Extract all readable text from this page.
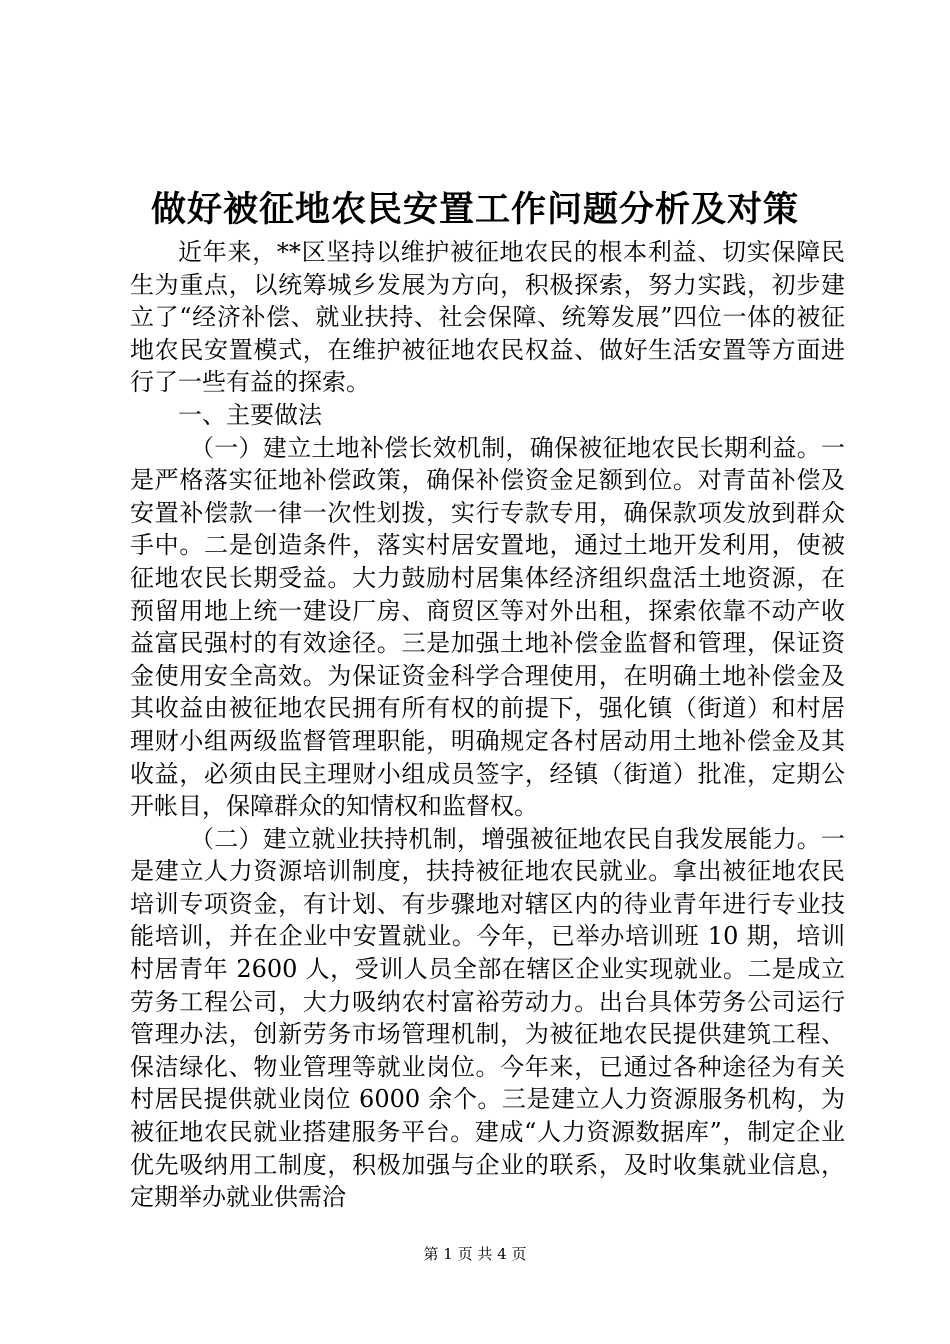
做好被征地农民安置工作问题分析及对策

近年来，**区坚持以维护被征地农民的根本利益、切实保障民生为重点，以统筹城乡发展为方向，积极探索，努力实践，初步建立了“经济补偿、就业扶持、社会保障、统筹发展”四位一体的被征地农民安置模式，在维护被征地农民权益、做好生活安置等方面进行了一些有益的探索。

一、主要做法

（一）建立土地补偿长效机制，确保被征地农民长期利益。一是严格落实征地补偿政策，确保补偿资金足额到位。对青苗补偿及安置补偿款一律一次性划拨，实行专款专用，确保款项发放到群众手中。二是创造条件，落实村居安置地，通过土地开发利用，使被征地农民长期受益。大力鼓励村居集体经济组织盘活土地资源，在预留用地上统一建设厂房、商贸区等对外出租，探索依靠不动产收益富民强村的有效途径。三是加强土地补偿金监督和管理，保证资金使用安全高效。为保证资金科学合理使用，在明确土地补偿金及其收益由被征地农民拥有所有权的前提下，强化镇（街道）和村居理财小组两级监督管理职能，明确规定各村居动用土地补偿金及其收益，必须由民主理财小组成员签字，经镇（街道）批准，定期公开帐目，保障群众的知情权和监督权。

（二）建立就业扶持机制，增强被征地农民自我发展能力。一是建立人力资源培训制度，扶持被征地农民就业。拿出被征地农民培训专项资金，有计划、有步骤地对辖区内的待业青年进行专业技能培训，并在企业中安置就业。今年，已举办培训班 10 期，培训村居青年 2600 人，受训人员全部在辖区企业实现就业。二是成立劳务工程公司，大力吸纳农村富裕劳动力。出台具体劳务公司运行管理办法，创新劳务市场管理机制，为被征地农民提供建筑工程、保洁绿化、物业管理等就业岗位。今年来，已通过各种途径为有关村居民提供就业岗位 6000 余个。三是建立人力资源服务机构，为被征地农民就业搭建服务平台。建成“人力资源数据库”，制定企业优先吸纳用工制度，积极加强与企业的联系，及时收集就业信息，定期举办就业供需洽

第 1 页 共 4 页
